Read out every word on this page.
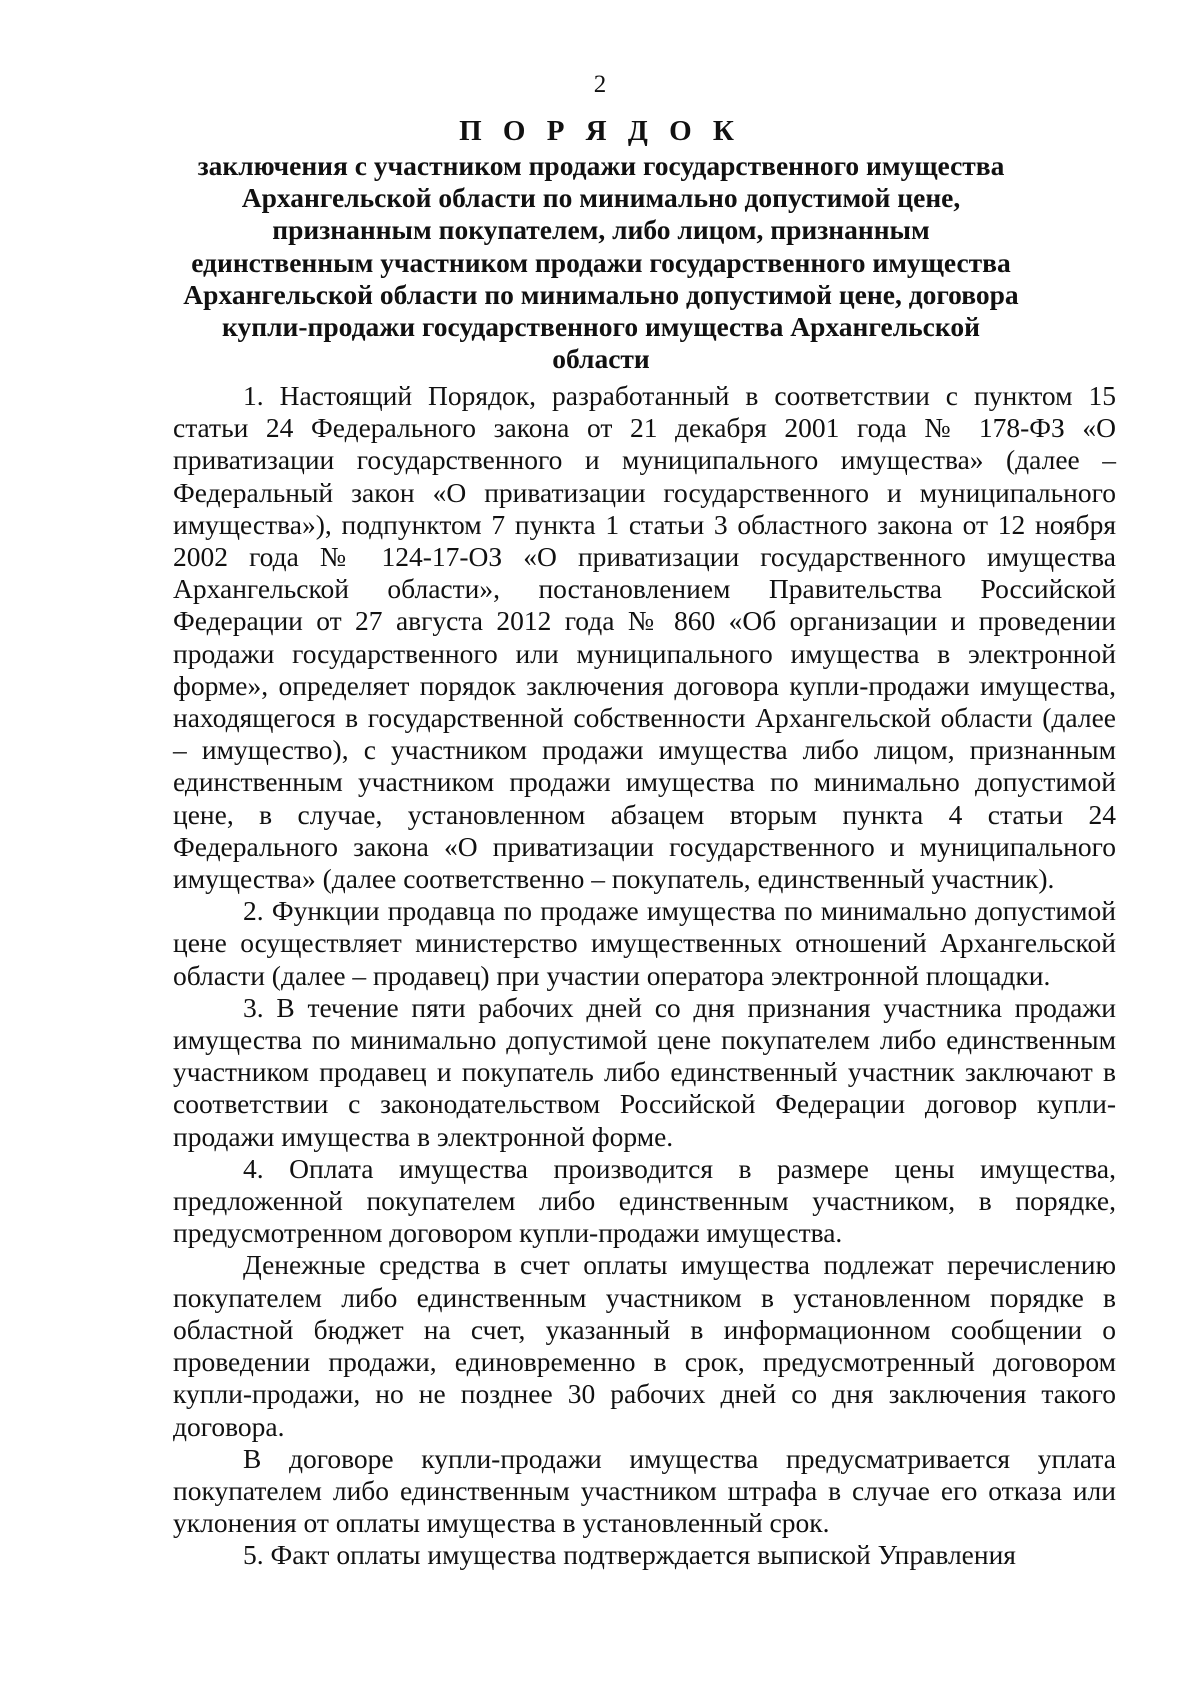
2
П О Р Я Д О К
заключения с участником продажи государственного имущества Архангельской области по минимально допустимой цене, признанным покупателем, либо лицом, признанным единственным участником продажи государственного имущества Архангельской области по минимально допустимой цене, договора купли-продажи государственного имущества Архангельской области

1. Настоящий Порядок, разработанный в соответствии с пунктом 15 статьи 24 Федерального закона от 21 декабря 2001 года № 178-ФЗ «О приватизации государственного и муниципального имущества» (далее – Федеральный закон «О приватизации государственного и муниципального имущества»), подпунктом 7 пункта 1 статьи 3 областного закона от 12 ноября 2002 года № 124-17-ОЗ «О приватизации государственного имущества Архангельской области», постановлением Правительства Российской Федерации от 27 августа 2012 года № 860 «Об организации и проведении продажи государственного или муниципального имущества в электронной форме», определяет порядок заключения договора купли-продажи имущества, находящегося в государственной собственности Архангельской области (далее – имущество), с участником продажи имущества либо лицом, признанным единственным участником продажи имущества по минимально допустимой цене, в случае, установленном абзацем вторым пункта 4 статьи 24 Федерального закона «О приватизации государственного и муниципального имущества» (далее соответственно – покупатель, единственный участник).

2. Функции продавца по продаже имущества по минимально допустимой цене осуществляет министерство имущественных отношений Архангельской области (далее – продавец) при участии оператора электронной площадки.

3. В течение пяти рабочих дней со дня признания участника продажи имущества по минимально допустимой цене покупателем либо единственным участником продавец и покупатель либо единственный участник заключают в соответствии с законодательством Российской Федерации договор купли-продажи имущества в электронной форме.

4. Оплата имущества производится в размере цены имущества, предложенной покупателем либо единственным участником, в порядке, предусмотренном договором купли-продажи имущества.

Денежные средства в счет оплаты имущества подлежат перечислению покупателем либо единственным участником в установленном порядке в областной бюджет на счет, указанный в информационном сообщении о проведении продажи, единовременно в срок, предусмотренный договором купли-продажи, но не позднее 30 рабочих дней со дня заключения такого договора.

В договоре купли-продажи имущества предусматривается уплата покупателем либо единственным участником штрафа в случае его отказа или уклонения от оплаты имущества в установленный срок.

5. Факт оплаты имущества подтверждается выпиской Управления
